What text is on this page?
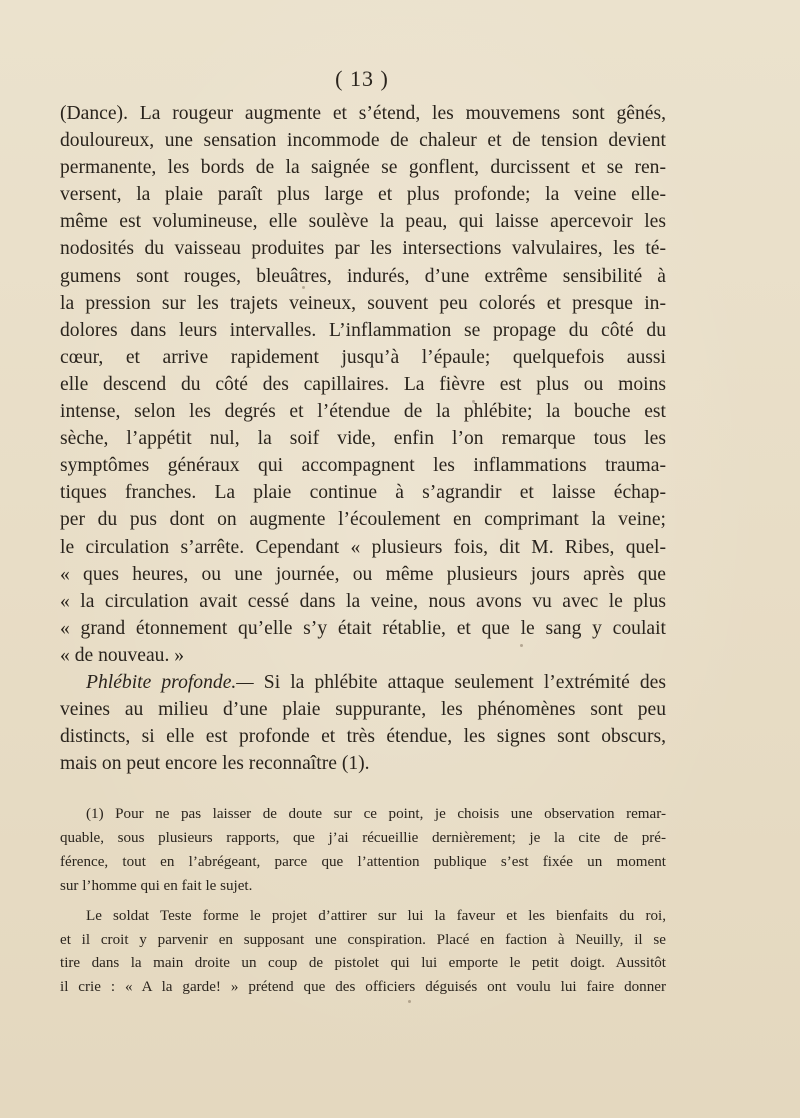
( 13 )
(Dance). La rougeur augmente et s’étend, les mouvemens sont gênés,
douloureux, une sensation incommode de chaleur et de tension devient
permanente, les bords de la saignée se gonflent, durcissent et se ren-
versent, la plaie paraît plus large et plus profonde; la veine elle-
même est volumineuse, elle soulève la peau, qui laisse apercevoir les
nodosités du vaisseau produites par les intersections valvulaires, les té-
gumens sont rouges, bleuâtres, indurés, d’une extrême sensibilité à
la pression sur les trajets veineux, souvent peu colorés et presque in-
dolores dans leurs intervalles. L’inflammation se propage du côté du
cœur, et arrive rapidement jusqu’à l’épaule; quelquefois aussi
elle descend du côté des capillaires. La fièvre est plus ou moins
intense, selon les degrés et l’étendue de la phlébite; la bouche est
sèche, l’appétit nul, la soif vide, enfin l’on remarque tous les
symptômes généraux qui accompagnent les inflammations trauma-
tiques franches. La plaie continue à s’agrandir et laisse échap-
per du pus dont on augmente l’écoulement en comprimant la veine;
le circulation s’arrête. Cependant « plusieurs fois, dit M. Ribes, quel-
« ques heures, ou une journée, ou même plusieurs jours après que
« la circulation avait cessé dans la veine, nous avons vu avec le plus
« grand étonnement qu’elle s’y était rétablie, et que le sang y coulait
« de nouveau. »
Phlébite profonde.— Si la phlébite attaque seulement l’extrémité des
veines au milieu d’une plaie suppurante, les phénomènes sont peu
distincts, si elle est profonde et très étendue, les signes sont obscurs,
mais on peut encore les reconnaître (1).
(1) Pour ne pas laisser de doute sur ce point, je choisis une observation remar-
quable, sous plusieurs rapports, que j’ai récueillie dernièrement; je la cite de pré-
férence, tout en l’abrégeant, parce que l’attention publique s’est fixée un moment
sur l’homme qui en fait le sujet.
Le soldat Teste forme le projet d’attirer sur lui la faveur et les bienfaits du roi,
et il croit y parvenir en supposant une conspiration. Placé en faction à Neuilly, il se
tire dans la main droite un coup de pistolet qui lui emporte le petit doigt. Aussitôt
il crie : « A la garde! » prétend que des officiers déguisés ont voulu lui faire donner
